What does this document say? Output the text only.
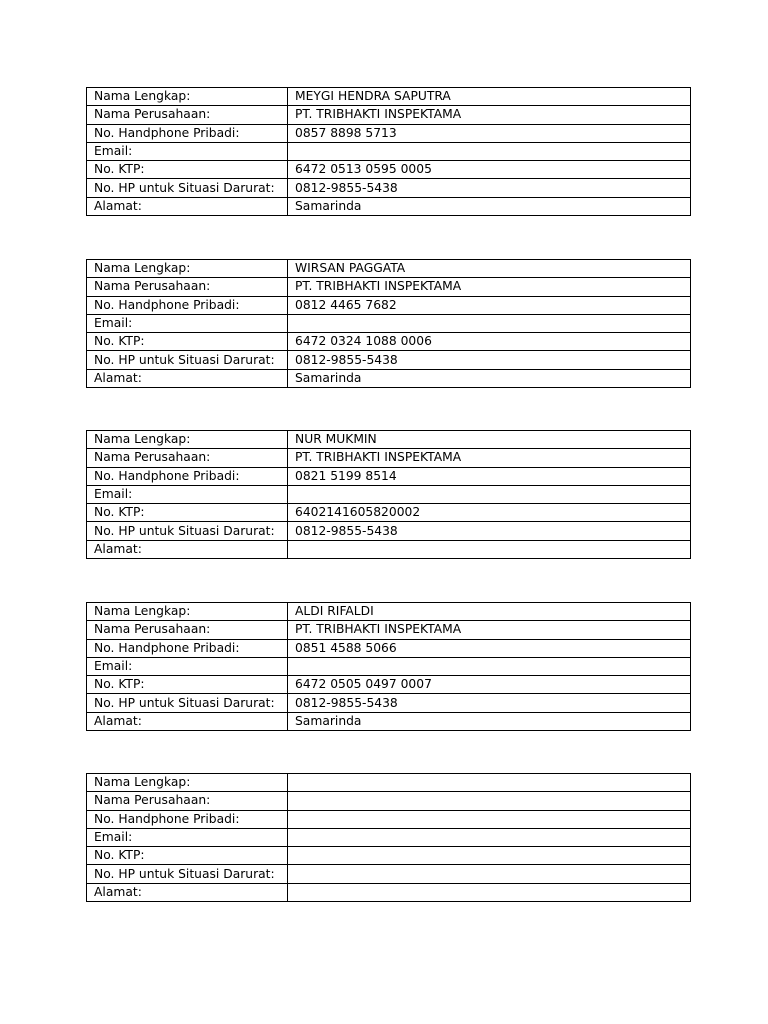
Nama Lengkap:	MEYGI HENDRA SAPUTRA
Nama Perusahaan:	PT. TRIBHAKTI INSPEKTAMA
No. Handphone Pribadi:	0857 8898 5713
Email:	
No. KTP:	6472 0513 0595 0005
No. HP untuk Situasi Darurat:	0812-9855-5438
Alamat:	Samarinda
Nama Lengkap:	WIRSAN PAGGATA
Nama Perusahaan:	PT. TRIBHAKTI INSPEKTAMA
No. Handphone Pribadi:	0812 4465 7682
Email:	
No. KTP:	6472 0324 1088 0006
No. HP untuk Situasi Darurat:	0812-9855-5438
Alamat:	Samarinda
Nama Lengkap:	NUR MUKMIN
Nama Perusahaan:	PT. TRIBHAKTI INSPEKTAMA
No. Handphone Pribadi:	0821 5199 8514
Email:	
No. KTP:	6402141605820002
No. HP untuk Situasi Darurat:	0812-9855-5438
Alamat:	
Nama Lengkap:	ALDI RIFALDI
Nama Perusahaan:	PT. TRIBHAKTI INSPEKTAMA
No. Handphone Pribadi:	0851 4588 5066
Email:	
No. KTP:	6472 0505 0497 0007
No. HP untuk Situasi Darurat:	0812-9855-5438
Alamat:	Samarinda
Nama Lengkap:	
Nama Perusahaan:	
No. Handphone Pribadi:	
Email:	
No. KTP:	
No. HP untuk Situasi Darurat:	
Alamat:	
